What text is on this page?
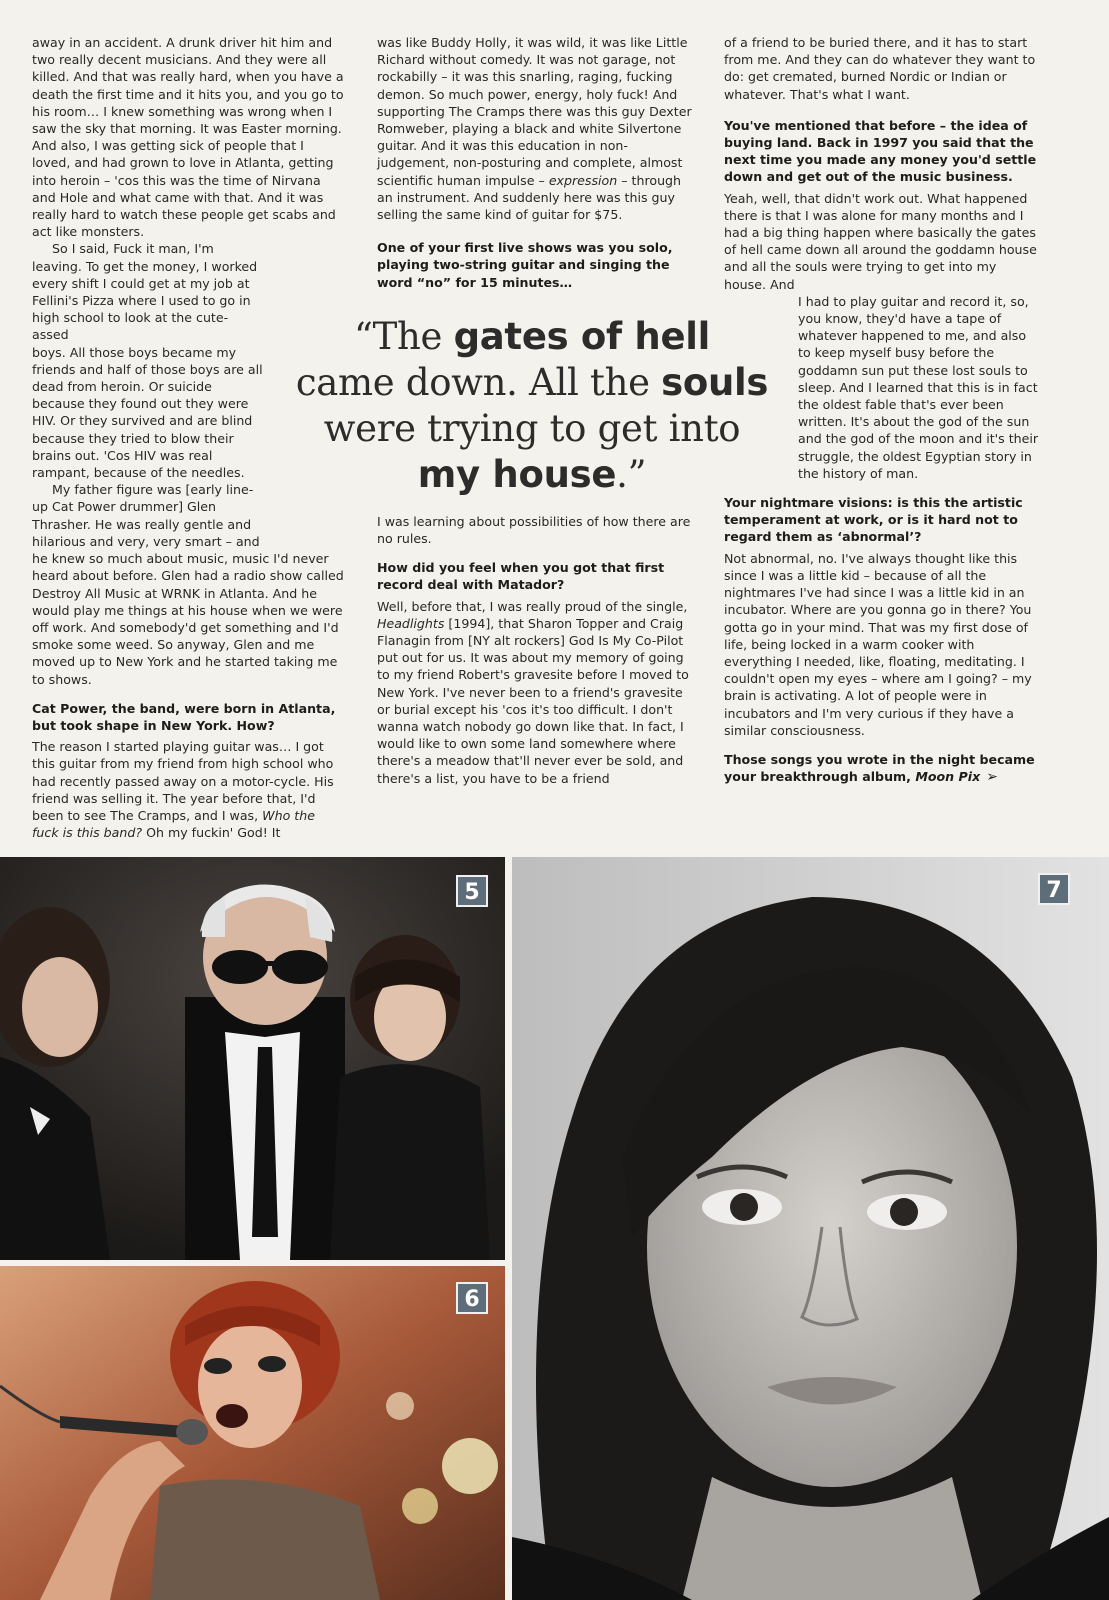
away in an accident. A drunk driver hit him and two really decent musicians. And they were all killed. And that was really hard, when you have a death the first time and it hits you, and you go to his room… I knew something was wrong when I saw the sky that morning. It was Easter morning. And also, I was getting sick of people that I loved, and had grown to love in Atlanta, getting into heroin – 'cos this was the time of Nirvana and Hole and what came with that. And it was really hard to watch these people get scabs and act like monsters.

So I said, Fuck it man, I'm leaving. To get the money, I worked every shift I could get at my job at Fellini's Pizza where I used to go in high school to look at the cute-assed

boys. All those boys became my friends and half of those boys are all dead from heroin. Or suicide because they found out they were HIV. Or they survived and are blind because they tried to blow their brains out. 'Cos HIV was real rampant, because of the needles.

My father figure was [early line-up Cat Power drummer] Glen Thrasher. He was really gentle and hilarious and very, very smart – and

he knew so much about music, music I'd never heard about before. Glen had a radio show called Destroy All Music at WRNK in Atlanta. And he would play me things at his house when we were off work. And somebody'd get something and I'd smoke some weed. So anyway, Glen and me moved up to New York and he started taking me to shows.

Cat Power, the band, were born in Atlanta, but took shape in New York. How?

The reason I started playing guitar was… I got this guitar from my friend from high school who had recently passed away on a motor-cycle. His friend was selling it. The year before that, I'd been to see The Cramps, and I was, Who the fuck is this band? Oh my fuckin' God! It

was like Buddy Holly, it was wild, it was like Little Richard without comedy. It was not garage, not rockabilly – it was this snarling, raging, fucking demon. So much power, energy, holy fuck! And supporting The Cramps there was this guy Dexter Romweber, playing a black and white Silvertone guitar. And it was this education in non-judgement, non-posturing and complete, almost scientific human impulse – expression – through an instrument. And suddenly here was this guy selling the same kind of guitar for $75.

One of your first live shows was you solo, playing two-string guitar and singing the word “no” for 15 minutes…

I was learning about possibilities of how there are no rules.

How did you feel when you got that first record deal with Matador?

Well, before that, I was really proud of the single, Headlights [1994], that Sharon Topper and Craig Flanagin from [NY alt rockers] God Is My Co-Pilot put out for us. It was about my memory of going to my friend Robert's gravesite before I moved to New York. I've never been to a friend's gravesite or burial except his 'cos it's too difficult. I don't wanna watch nobody go down like that. In fact, I would like to own some land somewhere where there's a meadow that'll never ever be sold, and there's a list, you have to be a friend

of a friend to be buried there, and it has to start from me. And they can do whatever they want to do: get cremated, burned Nordic or Indian or whatever. That's what I want.

You've mentioned that before – the idea of buying land. Back in 1997 you said that the next time you made any money you'd settle down and get out of the music business.

Yeah, well, that didn't work out. What happened there is that I was alone for many months and I had a big thing happen where basically the gates of hell came down all around the goddamn house and all the souls were trying to get into my house. And

I had to play guitar and record it, so, you know, they'd have a tape of whatever happened to me, and also to keep myself busy before the goddamn sun put these lost souls to sleep. And I learned that this is in fact the oldest fable that's ever been written. It's about the god of the sun and the god of the moon and it's their struggle, the oldest Egyptian story in the history of man.

Your nightmare visions: is this the artistic temperament at work, or is it hard not to regard them as ‘abnormal’?

Not abnormal, no. I've always thought like this since I was a little kid – because of all the nightmares I've had since I was a little kid in an incubator. Where are you gonna go in there? You gotta go in your mind. That was my first dose of life, being locked in a warm cooker with everything I needed, like, floating, meditating. I couldn't open my eyes – where am I going? – my brain is activating. A lot of people were in incubators and I'm very curious if they have a similar consciousness.

Those songs you wrote in the night became your breakthrough album, Moon Pix ➢

“The gates of hell
came down. All the souls
were trying to get into
my house.”
5
6
7
